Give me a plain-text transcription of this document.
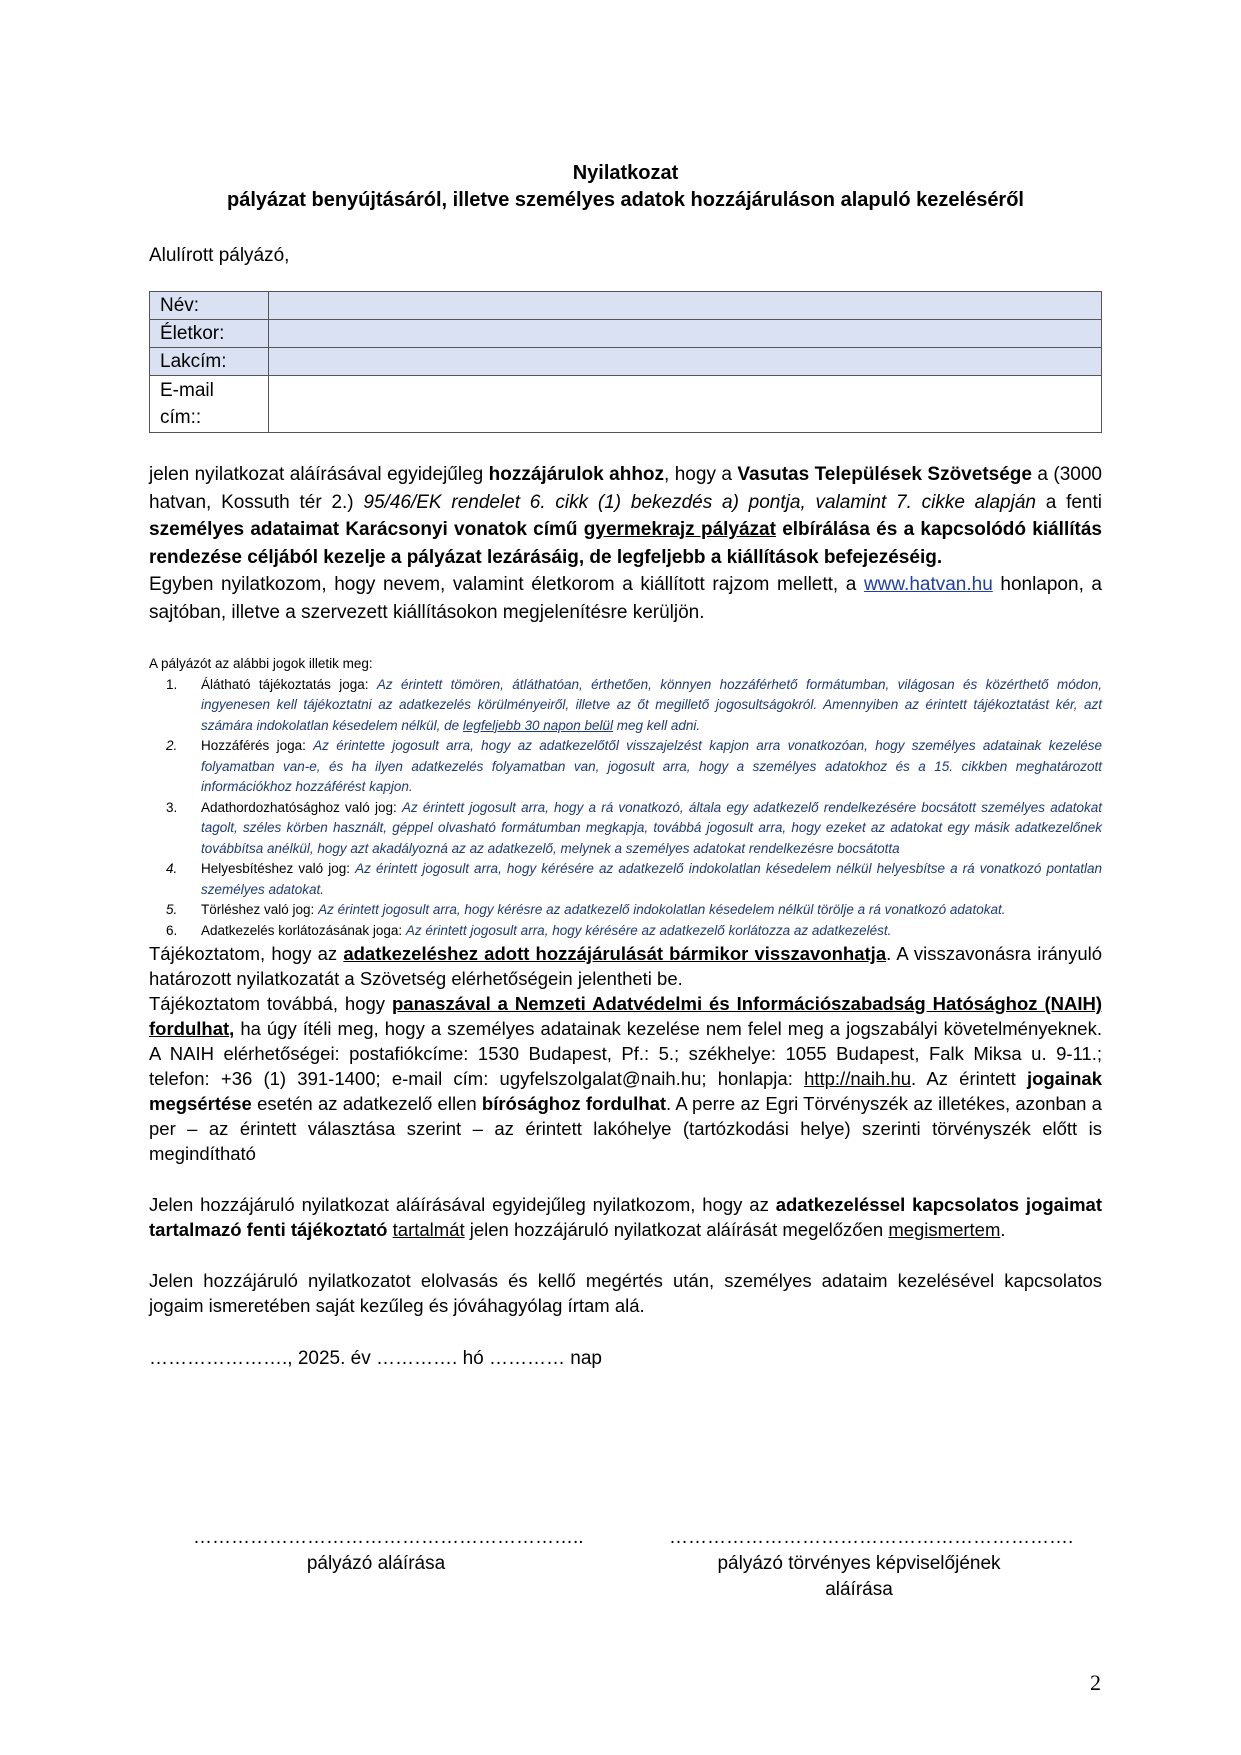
Nyilatkozat
pályázat benyújtásáról, illetve személyes adatok hozzájáruláson alapuló kezeléséről
Alulírott pályázó,
Név:	
Életkor:	
Lakcím:	

E-mail
cím::	

jelen nyilatkozat aláírásával egyidejűleg hozzájárulok ahhoz, hogy a Vasutas Települések Szövetsége a (3000 hatvan, Kossuth tér 2.) 95/46/EK rendelet 6. cikk (1) bekezdés a) pontja, valamint 7. cikke alapján a fenti személyes adataimat Karácsonyi vonatok című gyermekrajz pályázat elbírálása és a kapcsolódó kiállítás rendezése céljából kezelje a pályázat lezárásáig, de legfeljebb a kiállítások befejezéséig.
Egyben nyilatkozom, hogy nevem, valamint életkorom a kiállított rajzom mellett, a www.hatvan.hu honlapon, a sajtóban, illetve a szervezett kiállításokon megjelenítésre kerüljön.
A pályázót az alábbi jogok illetik meg:
1. Álátható tájékoztatás joga: Az érintett tömören, átláthatóan, érthetően, könnyen hozzáférhető formátumban, világosan és közérthető módon, ingyenesen kell tájékoztatni az adatkezelés körülményeiről, illetve az őt megillető jogosultságokról. Amennyiben az érintett tájékoztatást kér, azt számára indokolatlan késedelem nélkül, de legfeljebb 30 napon belül meg kell adni.
2. Hozzáférés joga: Az érintette jogosult arra, hogy az adatkezelőtől visszajelzést kapjon arra vonatkozóan, hogy személyes adatainak kezelése folyamatban van-e, és ha ilyen adatkezelés folyamatban van, jogosult arra, hogy a személyes adatokhoz és a 15. cikkben meghatározott információkhoz hozzáférést kapjon.
3. Adathordozhatósághoz való jog: Az érintett jogosult arra, hogy a rá vonatkozó, általa egy adatkezelő rendelkezésére bocsátott személyes adatokat tagolt, széles körben használt, géppel olvasható formátumban megkapja, továbbá jogosult arra, hogy ezeket az adatokat egy másik adatkezelőnek továbbítsa anélkül, hogy azt akadályozná az az adatkezelő, melynek a személyes adatokat rendelkezésre bocsátotta
4. Helyesbítéshez való jog: Az érintett jogosult arra, hogy kérésére az adatkezelő indokolatlan késedelem nélkül helyesbítse a rá vonatkozó pontatlan személyes adatokat.
5. Törléshez való jog: Az érintett jogosult arra, hogy kérésre az adatkezelő indokolatlan késedelem nélkül törölje a rá vonatkozó adatokat.
6. Adatkezelés korlátozásának joga: Az érintett jogosult arra, hogy kérésére az adatkezelő korlátozza az adatkezelést.
Tájékoztatom, hogy az adatkezeléshez adott hozzájárulását bármikor visszavonhatja. A visszavonásra irányuló határozott nyilatkozatát a Szövetség elérhetőségein jelentheti be.
Tájékoztatom továbbá, hogy panaszával a Nemzeti Adatvédelmi és Információszabadság Hatósághoz (NAIH) fordulhat, ha úgy ítéli meg, hogy a személyes adatainak kezelése nem felel meg a jogszabályi követelményeknek. A NAIH elérhetőségei: postafiókcíme: 1530 Budapest, Pf.: 5.; székhelye: 1055 Budapest, Falk Miksa u. 9-11.; telefon: +36 (1) 391-1400; e-mail cím: ugyfelszolgalat@naih.hu; honlapja: http://naih.hu. Az érintett jogainak megsértése esetén az adatkezelő ellen bírósághoz fordulhat. A perre az Egri Törvényszék az illetékes, azonban a per – az érintett választása szerint – az érintett lakóhelye (tartózkodási helye) szerinti törvényszék előtt is megindítható
Jelen hozzájáruló nyilatkozat aláírásával egyidejűleg nyilatkozom, hogy az adatkezeléssel kapcsolatos jogaimat tartalmazó fenti tájékoztató tartalmát jelen hozzájáruló nyilatkozat aláírását megelőzően megismertem.
Jelen hozzájáruló nyilatkozatot elolvasás és kellő megértés után, személyes adataim kezelésével kapcsolatos jogaim ismeretében saját kezűleg és jóváhagyólag írtam alá.
…………………., 2025. év …………. hó ………… nap
……………………………………………………..
pályázó aláírása
……………………………………………………….
pályázó törvényes képviselőjének
aláírása
2
